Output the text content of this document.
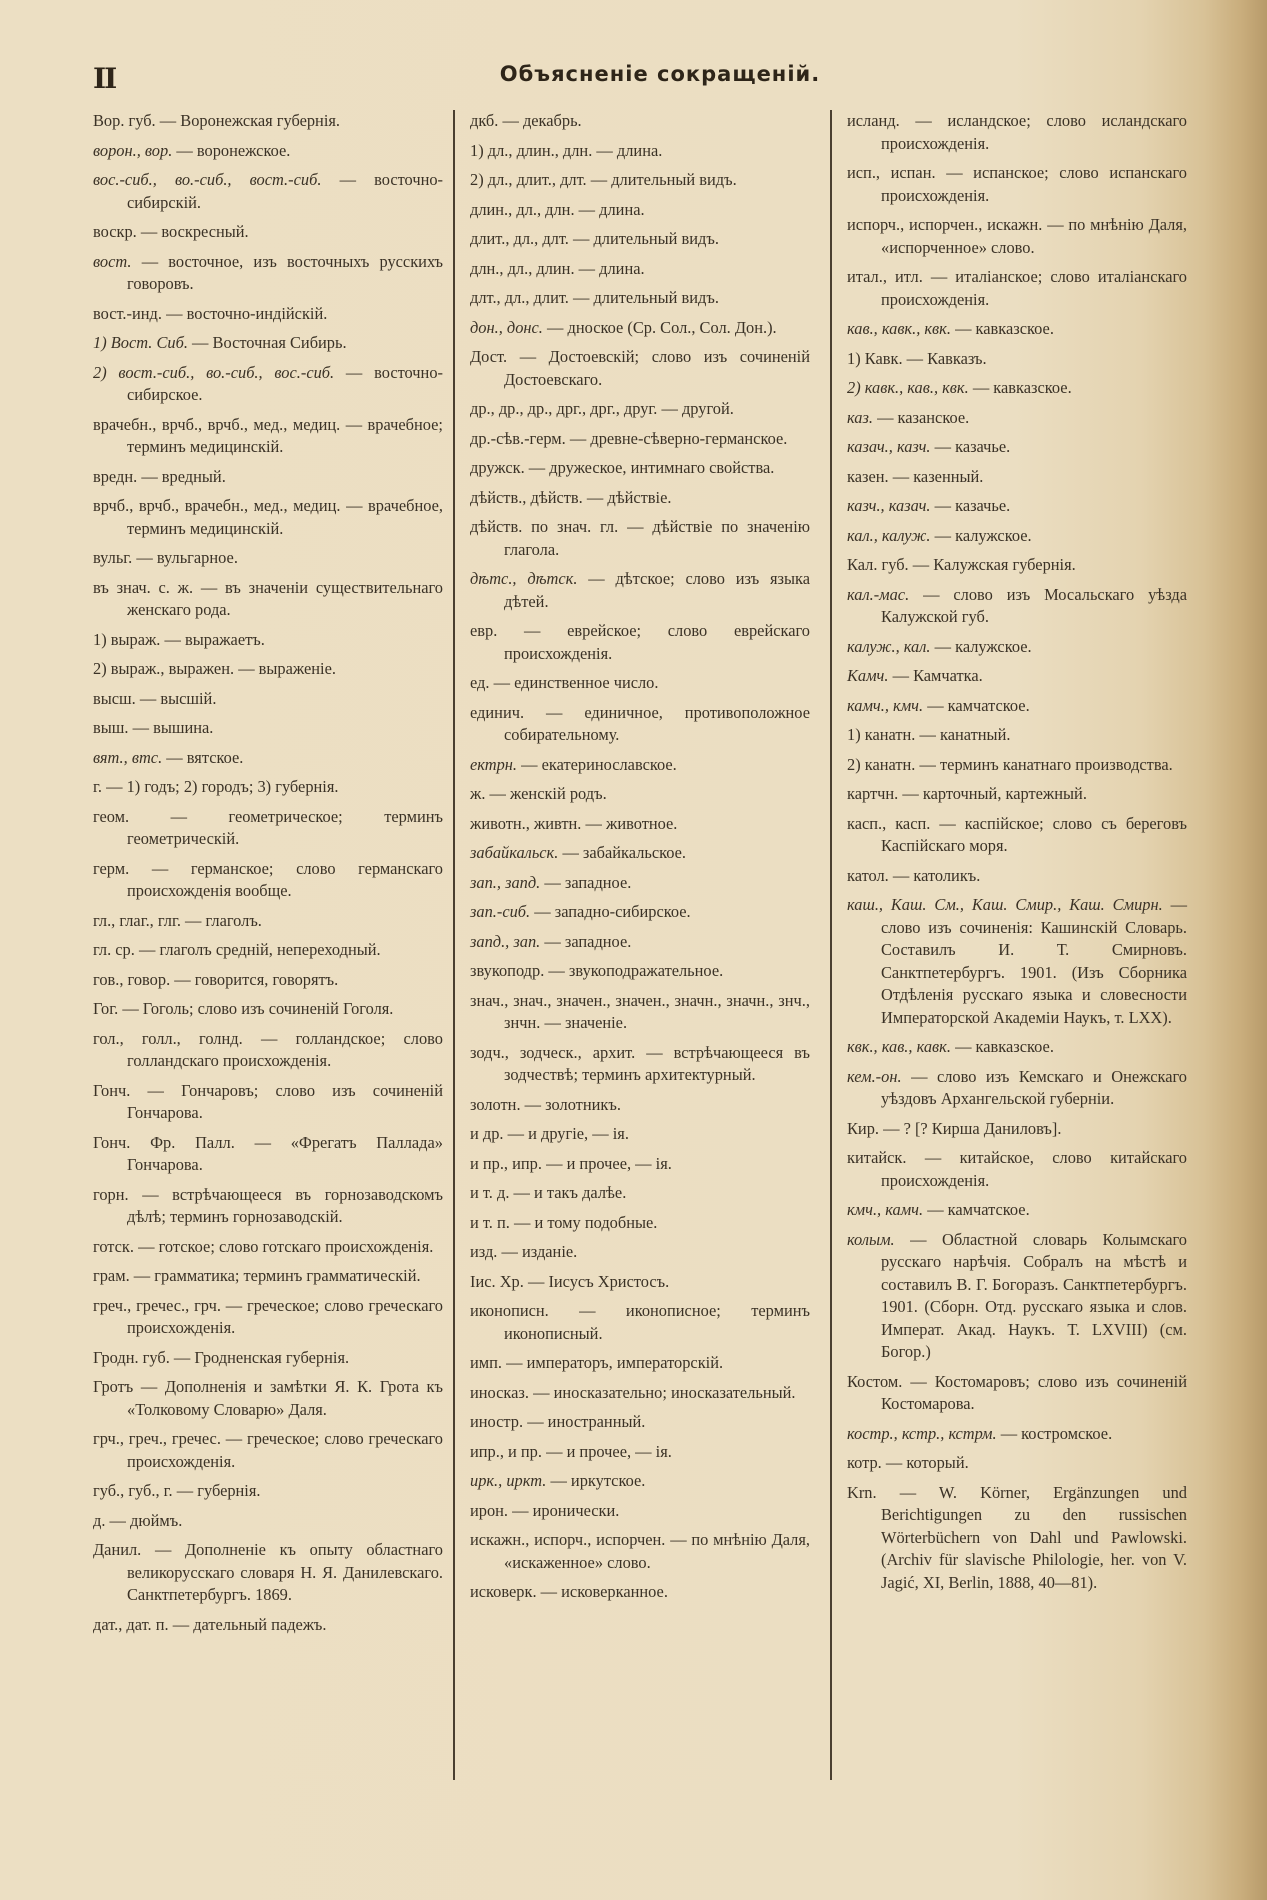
II	Объясненіе сокращеній.

Вор. губ. — Воронежская губернія.

ворон., вор. — воронежское.

вос.-сиб., во.-сиб., вост.-сиб. — восточно-сибирскій.

воскр. — воскресный.

вост. — восточное, изъ восточныхъ русскихъ говоровъ.

вост.-инд. — восточно-индійскій.

1) Вост. Сиб. — Восточная Сибирь.

2) вост.-сиб., во.-сиб., вос.-сиб. — восточно-сибирское.

врачебн., врчб., врчб., мед., медиц. — врачебное; терминъ медицинскій.

вредн. — вредный.

врчб., врчб., врачебн., мед., медиц. — врачебное, терминъ медицинскій.

вульг. — вульгарное.

въ знач. с. ж. — въ значеніи существительнаго женскаго рода.

1) выраж. — выражаетъ.

2) выраж., выражен. — выраженіе.

высш. — высшій.

выш. — вышина.

вят., втс. — вятское.

г. — 1) годъ; 2) городъ; 3) губернія.

геом.	— геометрическое; терминъ геометрическій.

герм. — германское; слово германскаго происхожденія вообще.

гл., глаг., глг. — глаголъ.

гл. ср. — глаголъ средній, непереходный.

гов., говор. — говорится, говорятъ.

Гог. — Гоголь; слово изъ сочиненій Гоголя.

гол., голл., голнд. — голландское; слово голландскаго происхожденія.

Гонч. — Гончаровъ; слово изъ сочиненій Гончарова.

Гонч. Фр. Палл. — «Фрегатъ Паллада» Гончарова.

горн. — встрѣчающееся въ горнозаводскомъ дѣлѣ; терминъ горнозаводскій.

готск. — готское; слово готскаго происхожденія.

грам. — грамматика; терминъ грамматическій.

греч., гречес., грч. — греческое; слово греческаго происхожденія.

Гродн. губ. — Гродненская губернія.

Гротъ — Дополненія и замѣтки Я. К. Грота къ «Толковому Словарю» Даля.

грч., греч., гречес. — греческое; слово греческаго происхожденія.

губ., губ., г. — губернія.

д. — дюймъ.

Данил. — Дополненіе къ опыту областнаго великорусскаго словаря Н. Я. Данилевскаго. Санктпетербургъ. 1869.

дат., дат. п. — дательный падежъ.

дкб. — декабрь.

1) дл., длин., длн. — длина.

2) дл., длит., длт. — длительный видъ.

длин., дл., длн. — длина.

длит., дл., длт. — длительный видъ.

длн., дл., длин. — длина.

длт., дл., длит. — длительный видъ.

дон., донс. — дноское (Ср. Сол., Сол. Дон.).

Дост. — Достоевскій; слово изъ сочиненій Достоевскаго.

др., др., др., дрг., дрг., друг. — другой.

др.-сѣв.-герм. — древне-сѣверно-германское.

дружск. — дружеское, интимнаго свойства.

дѣйств., дѣйств. — дѣйствіе.

дѣйств. по знач. гл. — дѣйствіе по значенію глагола.

дѣтс., дѣтск. — дѣтское; слово изъ языка дѣтей.

евр. — еврейское; слово еврейскаго происхожденія.

ед. — единственное число.

единич. — единичное, противоположное собирательному.

ектрн. — екатеринославское.

ж. — женскій родъ.

животн., живтн. — животное.

забайкальск. — забайкальское.

зап., запд. — западное.

зап.-сиб. — западно-сибирское.

запд., зап. — западное.

звукоподр. — звукоподражательное.

знач., знач., значен., значен., значн., значн., знч., знчн. — значеніе.

зодч., зодческ., архит. — встрѣчающееся въ зодчествѣ; терминъ архитектурный.

золотн. — золотникъ.

и др. — и другіе, — ія.

и пр., ипр. — и прочее, — ія.

и т. д. — и такъ далѣе.

и т. п. — и тому подобные.

изд. — изданіе.

Іис. Хр. — Іисусъ Христосъ.

иконописн. — иконописное; терминъ иконописный.

имп. — императоръ, императорскій.

иносказ. — иносказательно; иносказательный.

иностр. — иностранный.

ипр., и пр. — и прочее, — ія.

ирк., иркт. — иркутское.

ирон. — иронически.

искажн., испорч., испорчен. — по мнѣнію Даля, «искаженное» слово.

исковерк. — исковерканное.

исланд. — исландское; слово исландскаго происхожденія.

исп., испан. — испанское; слово испанскаго происхожденія.

испорч., испорчен., искажн. — по мнѣнію Даля, «испорченное» слово.

итал., итл. — италіанское; слово италіанскаго происхожденія.

кав., кавк., квк. — кавказское.

1) Кавк. — Кавказъ.

2) кавк., кав., квк. — кавказское.

каз. — казанское.

казач., казч. — казачье.

казен. — казенный.

казч., казач. — казачье.

кал., калуж. — калужское.

Кал. губ. — Калужская губернія.

кал.-мас. — слово изъ Мосальскаго уѣзда Калужской губ.

калуж., кал. — калужское.

Камч. — Камчатка.

камч., кмч. — камчатское.

1) канатн. — канатный.

2) канатн. — терминъ канатнаго производства.

картчн. — карточный, картежный.

касп., касп. — каспійское; слово съ береговъ Каспійскаго моря.

катол. — католикъ.

каш., Каш. См., Каш. Смир., Каш. Смирн. — слово изъ сочиненія: Кашинскій Словарь. Составилъ И. Т. Смирновъ. Санктпетербургъ. 1901. (Изъ Сборника Отдѣленія русскаго языка и словесности Императорской Академіи Наукъ, т. LXX).

квк., кав., кавк. — кавказское.

кем.-он. — слово изъ Кемскаго и Онежскаго уѣздовъ Архангельской губерніи.

Кир. — ? [? Кирша Даниловъ].

китайск. — китайское, слово китайскаго происхожденія.

кмч., камч. — камчатское.

колым. — Областной словарь Колымскаго русскаго нарѣчія. Собралъ на мѣстѣ и составилъ В. Г. Богоразъ. Санктпетербургъ. 1901. (Сборн. Отд. русскаго языка и слов. Императ. Акад. Наукъ. Т. LXVIII) (см. Богор.)

Костом. — Костомаровъ; слово изъ сочиненій Костомарова.

костр., кстр., кстрм. — костромское.

котр. — который.

Krn. — W. Körner, Ergänzungen und Berichtigungen zu den russischen Wörterbüchern von Dahl und Pawlowski. (Archiv für slavische Philologie, her. von V. Jagić, XI, Berlin, 1888, 40—81).
